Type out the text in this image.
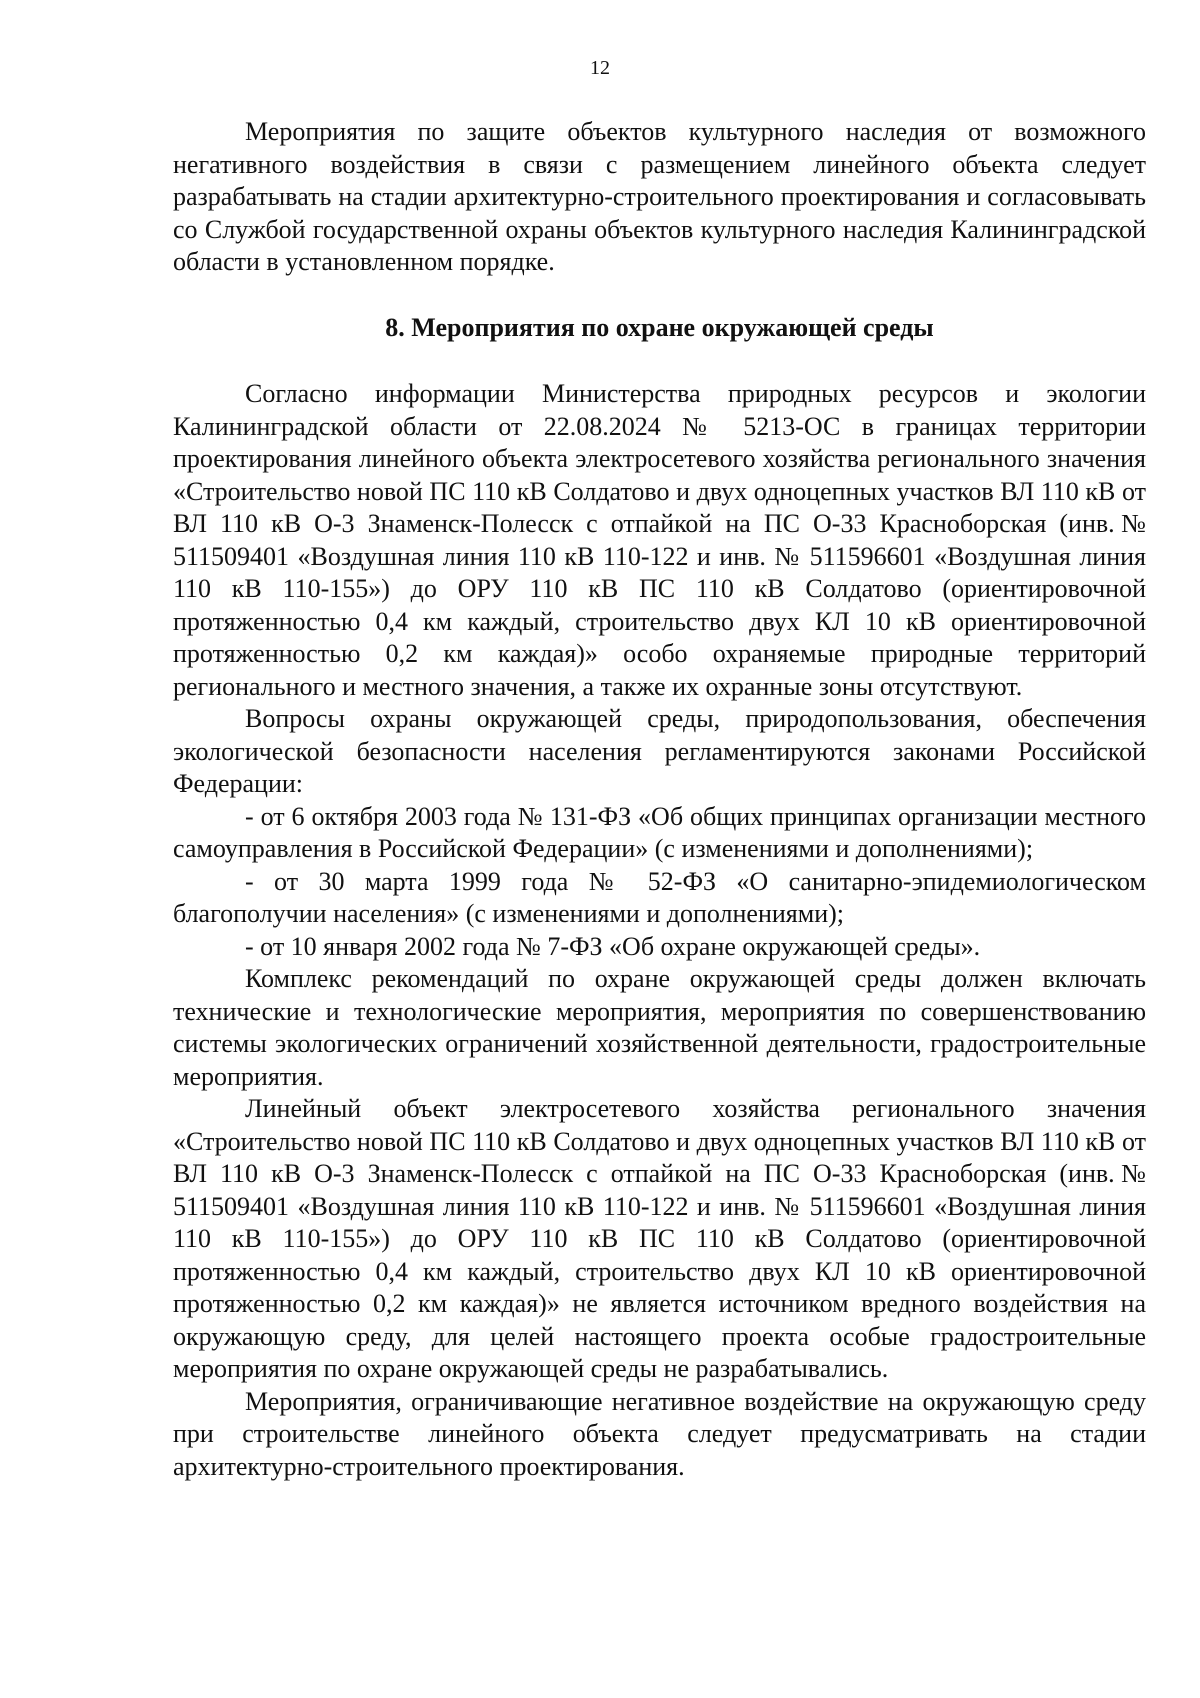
12

Мероприятия по защите объектов культурного наследия от возможного негативного воздействия в связи с размещением линейного объекта следует разрабатывать на стадии архитектурно-строительного проектирования и согласовывать со Службой государственной охраны объектов культурного наследия Калининградской области в установленном порядке.

8. Мероприятия по охране окружающей среды

Согласно информации Министерства природных ресурсов и экологии Калининградской области от 22.08.2024 № 5213-ОС в границах территории проектирования линейного объекта электросетевого хозяйства регионального значения «Строительство новой ПС 110 кВ Солдатово и двух одноцепных участков ВЛ 110 кВ от ВЛ 110 кВ О-3 Знаменск-Полесск с отпайкой на ПС О-33 Красноборская (инв.№ 511509401 «Воздушная линия 110 кВ 110-122 и инв. № 511596601 «Воздушная линия 110 кВ 110-155») до ОРУ 110 кВ ПС 110 кВ Солдатово (ориентировочной протяженностью 0,4 км каждый, строительство двух КЛ 10 кВ ориентировочной протяженностью 0,2 км каждая)» особо охраняемые природные территорий регионального и местного значения, а также их охранные зоны отсутствуют.

Вопросы охраны окружающей среды, природопользования, обеспечения экологической безопасности населения регламентируются законами Российской Федерации:

- от 6 октября 2003 года № 131-ФЗ «Об общих принципах организации местного самоуправления в Российской Федерации» (с изменениями и дополнениями);

- от 30 марта 1999 года № 52-ФЗ «О санитарно-эпидемиологическом благополучии населения» (с изменениями и дополнениями);

- от 10 января 2002 года № 7-ФЗ «Об охране окружающей среды».

Комплекс рекомендаций по охране окружающей среды должен включать технические и технологические мероприятия, мероприятия по совершенствованию системы экологических ограничений хозяйственной деятельности, градостроительные мероприятия.

Линейный объект электросетевого хозяйства регионального значения «Строительство новой ПС 110 кВ Солдатово и двух одноцепных участков ВЛ 110 кВ от ВЛ 110 кВ О-3 Знаменск-Полесск с отпайкой на ПС О-33 Красноборская (инв.№ 511509401 «Воздушная линия 110 кВ 110-122 и инв. № 511596601 «Воздушная линия 110 кВ 110-155») до ОРУ 110 кВ ПС 110 кВ Солдатово (ориентировочной протяженностью 0,4 км каждый, строительство двух КЛ 10 кВ ориентировочной протяженностью 0,2 км каждая)» не является источником вредного воздействия на окружающую среду, для целей настоящего проекта особые градостроительные мероприятия по охране окружающей среды не разрабатывались.

Мероприятия, ограничивающие негативное воздействие на окружающую среду при строительстве линейного объекта следует предусматривать на стадии архитектурно-строительного проектирования.
